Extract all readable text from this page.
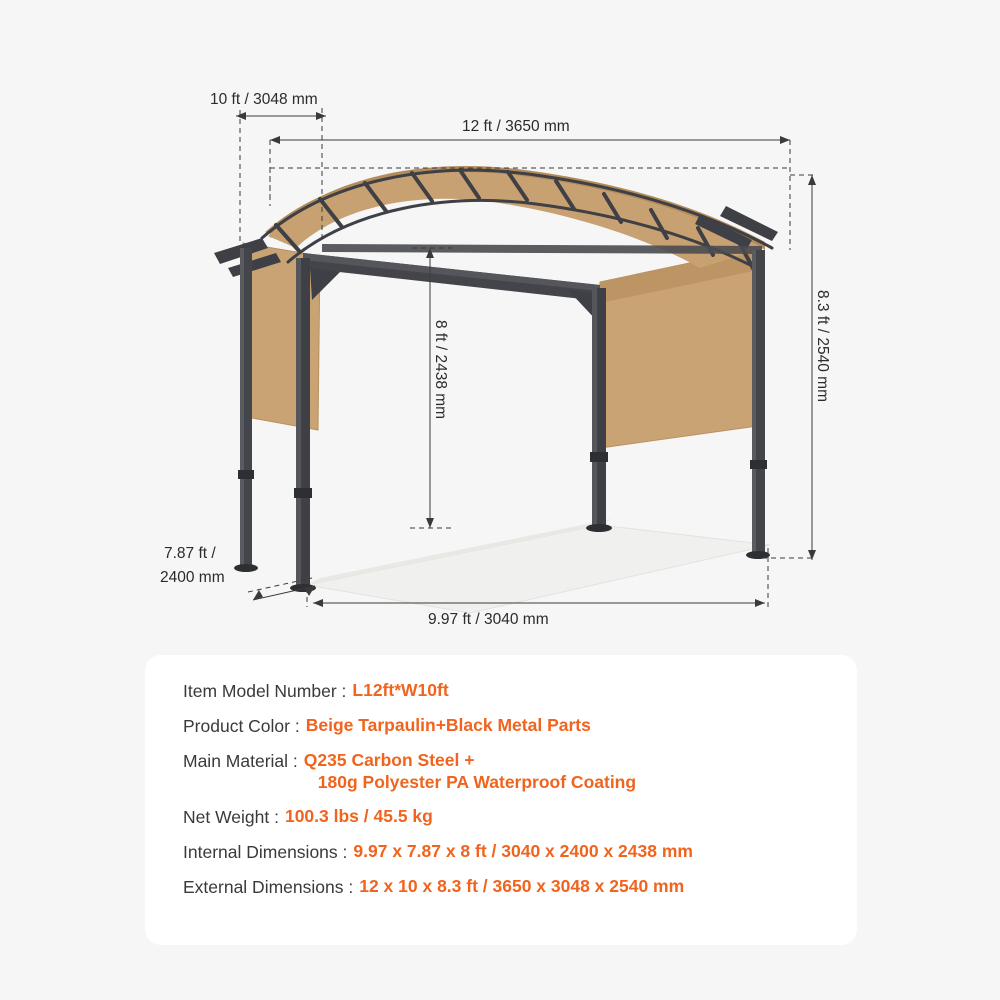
10 ft / 3048 mm
12 ft / 3650 mm
8.3 ft / 2540 mm
8 ft / 2438 mm
7.87 ft /
2400 mm
9.97 ft / 3040 mm
Item Model Number : L12ft*W10ft
Product Color : Beige Tarpaulin+Black Metal Parts
Main Material : Q235 Carbon Steel +
180g Polyester PA Waterproof Coating
Net Weight : 100.3 lbs / 45.5 kg
Internal Dimensions : 9.97 x 7.87 x 8 ft / 3040 x 2400 x 2438 mm
External Dimensions : 12 x 10 x 8.3 ft / 3650 x 3048 x 2540 mm
